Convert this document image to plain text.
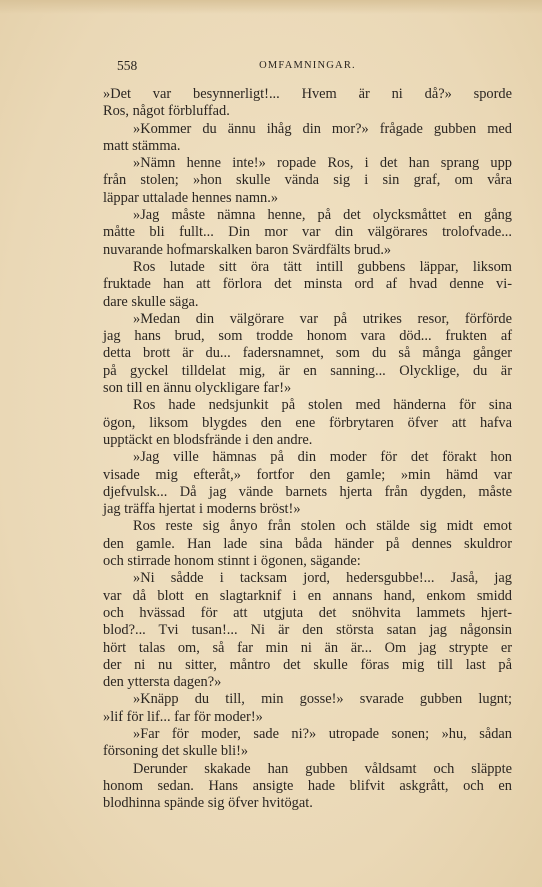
558	OMFAMNINGAR.
»Det var besynnerligt!... Hvem är ni då?» sporde
Ros, något förbluffad.
»Kommer du ännu ihåg din mor?» frågade gubben med
matt stämma.
»Nämn henne inte!» ropade Ros, i det han sprang upp
från stolen; »hon skulle vända sig i sin graf, om våra
läppar uttalade hennes namn.»
»Jag måste nämna henne, på det olycksmåttet en gång
måtte bli fullt... Din mor var din välgörares trolofvade...
nuvarande hofmarskalken baron Svärdfälts brud.»
Ros lutade sitt öra tätt intill gubbens läppar, liksom
fruktade han att förlora det minsta ord af hvad denne vi-
dare skulle säga.
»Medan din välgörare var på utrikes resor, förförde
jag hans brud, som trodde honom vara död... frukten af
detta brott är du... fadersnamnet, som du så många gånger
på gyckel tilldelat mig, är en sanning... Olycklige, du är
son till en ännu olyckligare far!»
Ros hade nedsjunkit på stolen med händerna för sina
ögon, liksom blygdes den ene förbrytaren öfver att hafva
upptäckt en blodsfrände i den andre.
»Jag ville hämnas på din moder för det förakt hon
visade mig efteråt,» fortfor den gamle; »min hämd var
djefvulsk... Då jag vände barnets hjerta från dygden, måste
jag träffa hjertat i moderns bröst!»
Ros reste sig ånyo från stolen och stälde sig midt emot
den gamle. Han lade sina båda händer på dennes skuldror
och stirrade honom stinnt i ögonen, sägande:
»Ni sådde i tacksam jord, hedersgubbe!... Jaså, jag
var då blott en slagtarknif i en annans hand, enkom smidd
och hvässad för att utgjuta det snöhvita lammets hjert-
blod?... Tvi tusan!... Ni är den största satan jag någonsin
hört talas om, så far min ni än är... Om jag strypte er
der ni nu sitter, måntro det skulle föras mig till last på
den yttersta dagen?»
»Knäpp du till, min gosse!» svarade gubben lugnt;
»lif för lif... far för moder!»
»Far för moder, sade ni?» utropade sonen; »hu, sådan
försoning det skulle bli!»
Derunder skakade han gubben våldsamt och släppte
honom sedan. Hans ansigte hade blifvit askgrått, och en
blodhinna spände sig öfver hvitögat.
